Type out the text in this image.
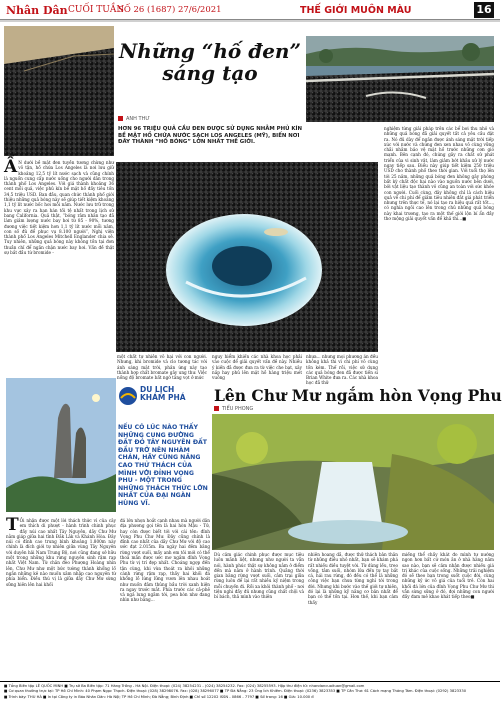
Nhân Dân CUỐI TUẦN
SỐ 26 (1687) 27/6/2021	THẾ GIỚI MUÔN MÀU	16
Những “hố đen”
sáng tạo
ANH THƯ
HƠN 96 TRIỆU QUẢ CẦU ĐEN ĐƯỢC SỬ DỤNG NHẰM PHỦ KÍN BỀ MẶT HỒ CHỨA NƯỚC SẠCH LOS ANGELES (MỸ), BIẾN NƠI ĐÂY THÀNH “HỐ BÓNG” LỚN NHẤT THẾ GIỚI.
Ấ N dưới bề mặt đen tuyền tương chừng như vô tận, hồ chứa Los Angeles là nơi lưu giữ khoảng 12,5 tỷ lít nước sạch và cũng chính là nguồn cung cấp nước uống cho người dân trong thành phố Los Angeles. Với giá thành khoảng 36 cent mỗi quả, việc phủ kín bề mặt hồ đầy tiêu tốn 34,5 triệu USD. Ban đầu, quan chức thành phố giới thiệu những quả bóng này sẽ giúp tiết kiệm khoảng 1,1 tỷ lít nước bốc hơi mỗi năm. Nước lưu trữ trong khu vực xảy ra hạn hán tồi tệ nhất trong lịch sử bang California. Quả thật, “bóng râm nhân tạo đã làm giảm lượng nước bay hơi từ 85 - 90%, tương đương việc tiết kiệm hơn 1,1 tỷ lít nước mỗi năm, con số đủ để phục vụ 8.100 người”, Nghị viện thành phố Los Angeles Mitchell Englander chia sẻ. Tuy nhiên, những quả bóng này không tồn tại đơn thuần chỉ để ngăn chặn nước bay hơi. Vấn đề thật sự bắt đầu từ bromide -
một chất tự nhiên vô hại với con người. Nhưng, khi bromide và clo tương tác với ánh sáng mặt trời, phản ứng này tạo thành hợp chất bromate gây ung thư. Việc nồng độ bromate bất ngờ tăng vọt ở mức
nguy hiểm khiến các nhà khoa học phải vào cuộc để giải quyết vấn đề này. Nhiều ý kiến đã được đưa ra từ việc che bạt, xây nắp hay phủ lên mặt hồ hàng triệu mét vuông
nhựa... nhưng mọi phương án đều không khả thi vì chi phí vô cùng tốn kém. Thế rồi, việc sử dụng các quả bóng đen đã được tiến sĩ Brian White đưa ra. Các nhà khoa học đã thử
nghiệm từng giải pháp trên các bể bơi thu nhỏ và những quả bóng đã giải quyết tất cả yêu cầu đặt ra. Nó đủ dày để ngăn được ánh sáng mặt trời tiếp xúc với nước và chứng đen xen nhau vô cùng vững chãi nhằm bảo vệ mặt hồ trước những cơn gió mạnh. Bên cạnh đó, chúng gây ra chất sử phát triển của vi sinh vật, làm giảm bớt khâu xử lý nước ngay tiếp sau. Điều này giúp tiết kiệm 250 triệu USD cho thành phố theo thời gian. Với tuổi thọ lên tới 25 năm, những quả bóng đen không gây phóng bất kỳ chất độc hại nào vào nguồn nước bên dưới, bởi vật liệu tạo thành vỏ cũng an toàn với sức khỏe con người. Cuối cùng, đây không chỉ là cách hiệu quả về chi phí để giảm tiêu nhiên đắt giá phát triển nhưng trên thực tế, nó lại tạo ra hiệu quả rất tốt..., có nghĩa ngôi cao lên trong chủ những quả bóng này khai trương, tạo ra một thế giới lộn bí ẩn đầy thơ mộng giải quyết vấn đề khả thi...■
DU LỊCH
KHÁM PHÁ Lên Chư Mư ngắm hòn Vọng Phu
TIỂU PHONG
NẾU CÓ LÚC NÀO THẤY NHỮNG CUNG ĐƯỜNG ĐẤT ĐỎ TÂY NGUYÊN ĐẤT ĐẦU TRỞ NÊN NHÀM CHÁN, HÃY CÙNG NÂNG CAO THỬ THÁCH CỦA MÌNH VỚI ĐỈNH VỌNG PHU - MỘT TRONG NHỮNG THÁCH THỨC LỚN NHẤT CỦA ĐẠI NGÀN HÙNG VĨ.
T Ồi nhận được một lời thách thức vì của cây em thích di phượt - hành trình chinh phục đầy núi cao nhất Tây Nguyên, dãy Chư Mư nằm giáp giữa hai tỉnh Đắk Lắk và Khánh Hòa. Đây núi có đỉnh cao trung bình khoảng 1.800m này chính là đích giới tự nhiên giữa vùng Tây Nguyên với duyên hải Nam Trung Bộ, nơi cũng đang sở hữu một trong những khu rừng nguyên sinh rậm rạp nhất Việt Nam. Từ chân đèo Phượng Hoàng nhìn lên, Chư Mư như một bức tường thành khổng lồ ngăn những kẻ nào muốn xâm nhập cao nguyên từ phía biển. Điều thú vị là giữa dãy Chư Mư sừng sững hiên lên hai khối
đá lớn nhọn hoắt cạnh nhau mà người dân địa phương gọi tên là hai hòn Mậu - Tử, hay còn được biết tới với cái tên: đỉnh Vọng Phu Chư Mư. Đây cũng chính là đỉnh cao nhất của dãy Chư Mư với độ cao ước đạt 2.015m. Ba ngày hai đêm băng rừng vượt suối, mấy anh em tôi mới có thể thoả mãn được ước mơ ngắm đỉnh Vọng Phu từ vị trí đẹp nhất. Choáng ngợp đến tận cùng, khi vừa thoát ra khỏi những cánh rừng rậm rạp, thấy hai khối đá khổng lồ lừng lững vươn lên nhau hoát như muốn đâm thủng bầu trời xanh hiện ra ngay trước mắt. Phía trước các cả-phê và ngả lung ngăm tới, pea hòn như đang nhìn như bằng...
Dù cảm giác chinh phục được mục tiêu luôn mãnh liệt, nhưng như người ta vẫn nói, hành phúc thật sự không nằm ở điểm đến mà nằm ở hành trình. Quãng thời gian băng rừng vượt suối, cắm trại giữa rừng luôn để lại rất nhiều kỷ niệm trong mỗi chuyến đi. Rồi xa khỏi thành phố - nơi tiện nghi đầy đủ nhưng cũng chất chội và bí bách, thả mình vào thiên
nhiên hoang dã, được thử thách bản thân từ những điều nhỏ nhất, bạn sẽ khám phá rất nhiều điều tuyệt vời. Từ dùng lều, treo võng, tắm suối, nhóm lửa đến tự tay bắt cá, hái rau rừng, đó đều có thể là những công việc bạn chưa từng nghĩ tới trong đời. Nhưng khi bước vào thế giới tự nhiên, đó lại là những kỹ năng cơ bản nhất để bạn có thể tồn tại. Hơn thế, khi bạn cảm thấy
miếng thể chấy khát đo mình tự nướng ngon hơn bất cứ món ăn ở nhà hàng năm sao nào, bạn sẽ cảm nhận được nhiều giá trị khác của cuộc sống. Những trải nghiệm đó sẽ theo bạn trong suốt cuộc đời, cùng những kỷ ức vô giá của tuổi trẻ. Còn hai khối đá lớn của đỉnh Vọng Phu Chư Mư thì vẫn sừng sững ở đó, đợi những con người đầy đam mê khao khát tiếp theo■
■ Tổng Biên tập LÊ QUỐC MINH ■ Trụ sở Ba Biên tập: 71 Hàng Trống - Hà Nội. Điện thoại: (024) 38254231 - (024) 38254232. Fax: (024) 38255593. Hộp thư điện tử: nhandancuoituan@gmail.com
■ Cơ quan thường trực tại: TP Hồ Chí Minh: 40 Phạm Ngọc Thạch. Điện thoại: (028) 38298076. Fax: (028) 38296077 ■ TP Đà Nẵng: 23 Ông Ích Khiêm. Điện thoại: (0236) 3823353 ■ TP Cần Thơ: 61 Cách mạng Tháng Tám. Điện thoại: (0292) 3823330
■ Trình bày: THU HÀ ■ In tại Công ty in Báo Nhân Dân: Hà Nội; TP Hồ Chí Minh; Đà Nẵng; Bình Định ■ Chỉ số 12202 ISSN - 0866 - 7797 ■ Số trang: 16 ■ Giá: 10.000 đ
